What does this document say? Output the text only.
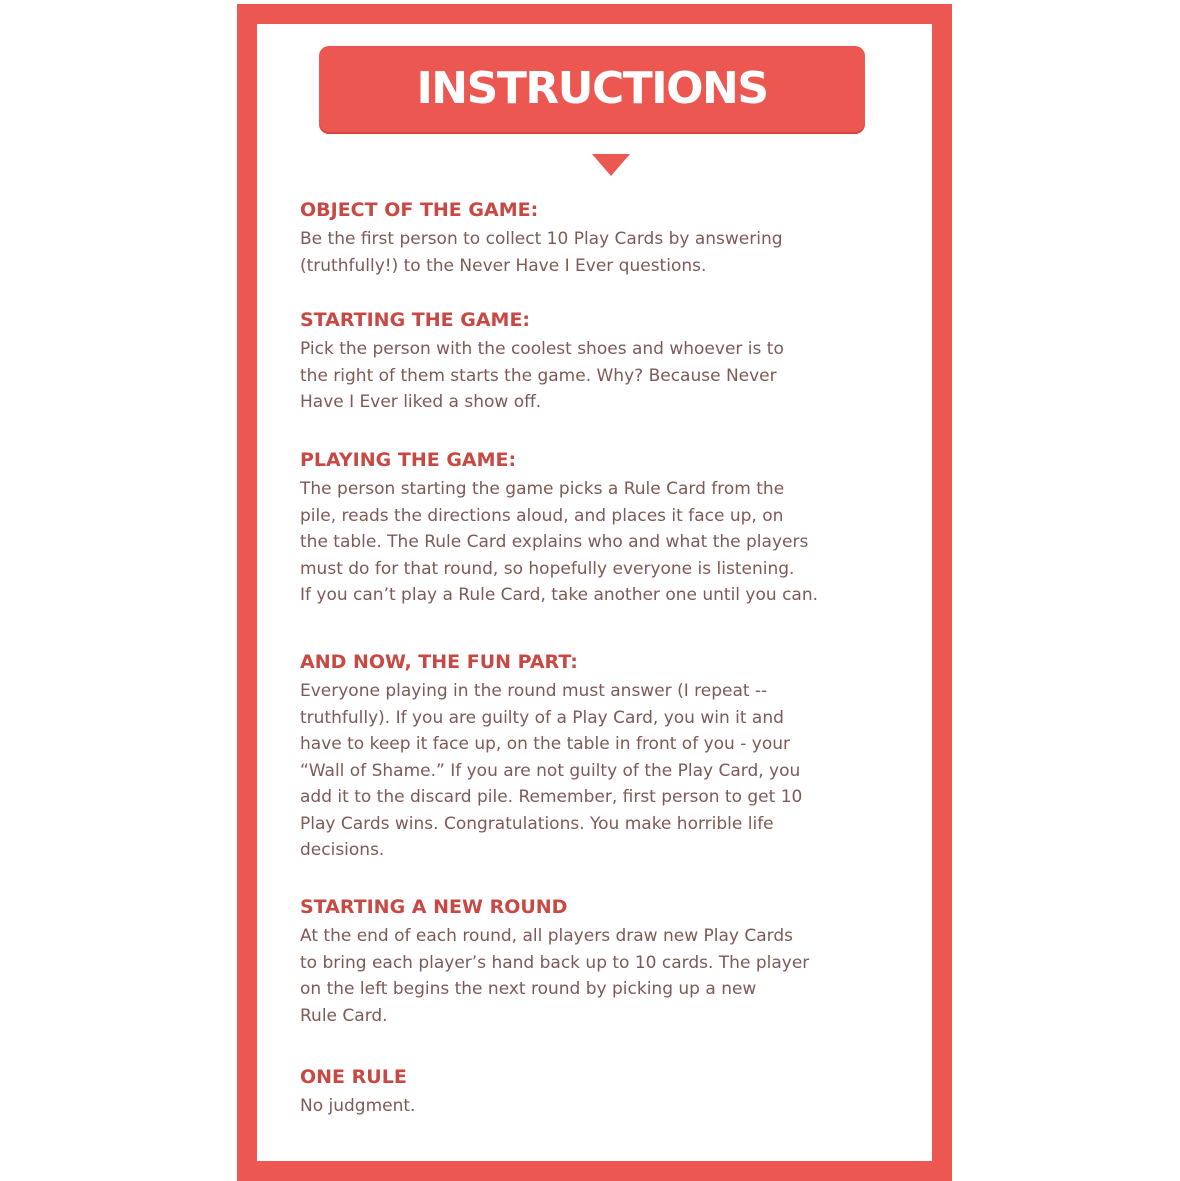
INSTRUCTIONS
OBJECT OF THE GAME:

Be the first person to collect 10 Play Cards by answering
(truthfully!) to the Never Have I Ever questions.

STARTING THE GAME:

Pick the person with the coolest shoes and whoever is to
the right of them starts the game. Why? Because Never
Have I Ever liked a show off.

PLAYING THE GAME:

The person starting the game picks a Rule Card from the
pile, reads the directions aloud, and places it face up, on
the table. The Rule Card explains who and what the players
must do for that round, so hopefully everyone is listening.
If you can’t play a Rule Card, take another one until you can.

AND NOW, THE FUN PART:

Everyone playing in the round must answer (I repeat --
truthfully). If you are guilty of a Play Card, you win it and
have to keep it face up, on the table in front of you - your
“Wall of Shame.” If you are not guilty of the Play Card, you
add it to the discard pile. Remember, first person to get 10
Play Cards wins. Congratulations. You make horrible life
decisions.

STARTING A NEW ROUND

At the end of each round, all players draw new Play Cards
to bring each player’s hand back up to 10 cards. The player
on the left begins the next round by picking up a new
Rule Card.

ONE RULE

No judgment.
